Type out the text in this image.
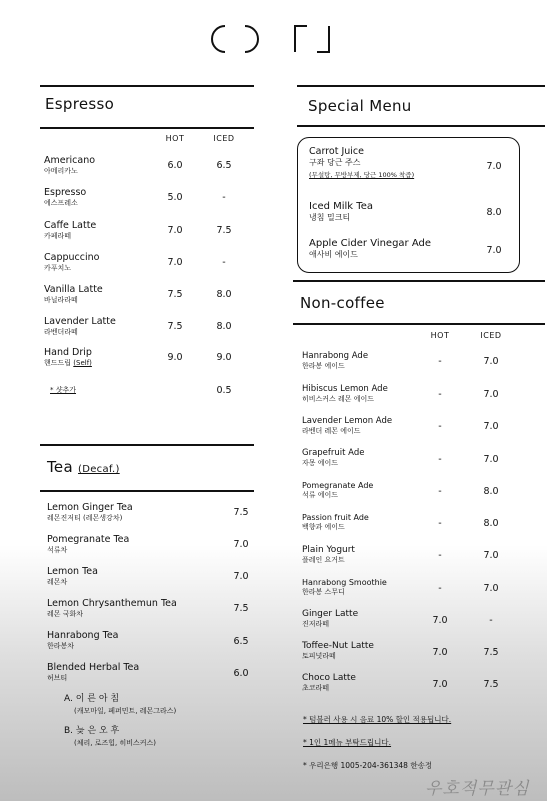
Espresso
HOT	ICED
Americano
아메리카노	6.0	6.5
Espresso
에스프레소	5.0	-
Caffe Latte
카페라떼	7.0	7.5
Cappuccino
카푸치노	7.0	-
Vanilla Latte
바닐라라떼	7.5	8.0
Lavender Latte
라벤더라떼	7.5	8.0
Hand Drip
핸드드립 (Self)	9.0	9.0
* 샷추가	0.5
Tea (Decaf.)
Lemon Ginger Tea
레몬진저티 (레몬생강차)	7.5
Pomegranate Tea
석류차	7.0
Lemon Tea
레몬차	7.0
Lemon Chrysanthemun Tea
레몬 국화차	7.5
Hanrabong Tea
한라봉차	6.5
Blended Herbal Tea
허브티	6.0
A. 이 른 아 침
(캐모마일, 페퍼민트, 레몬그라스)
B. 늦 은 오 후
(체리, 로즈힙, 히비스커스)
Special Menu
Carrot Juice
구좌 당근 주스
(무설탕, 무방부제, 당근 100% 착즙)
7.0
Iced Milk Tea
냉침 밀크티	8.0
Apple Cider Vinegar Ade
애사비 에이드	7.0
Non-coffee
HOT	ICED
Hanrabong Ade
한라봉 에이드	-	7.0
Hibiscus Lemon Ade
히비스커스 레몬 에이드	-	7.0
Lavender Lemon Ade
라벤더 레몬 에이드	-	7.0
Grapefruit Ade
자몽 에이드	-	7.0
Pomegranate Ade
석류 에이드	-	8.0
Passion fruit Ade
백향과 에이드	-	8.0
Plain Yogurt
플레인 요거트	-	7.0
Hanrabong Smoothie
한라봉 스무디	-	7.0
Ginger Latte
진저라떼	7.0	-
Toffee-Nut Latte
토피넛라떼	7.0	7.5
Choco Latte
초코라떼	7.0	7.5
* 텀블러 사용 시 음료 10% 할인 적용됩니다.
* 1인 1메뉴 부탁드립니다.
* 우리은행 1005-204-361348 한송정
우호적무관심
